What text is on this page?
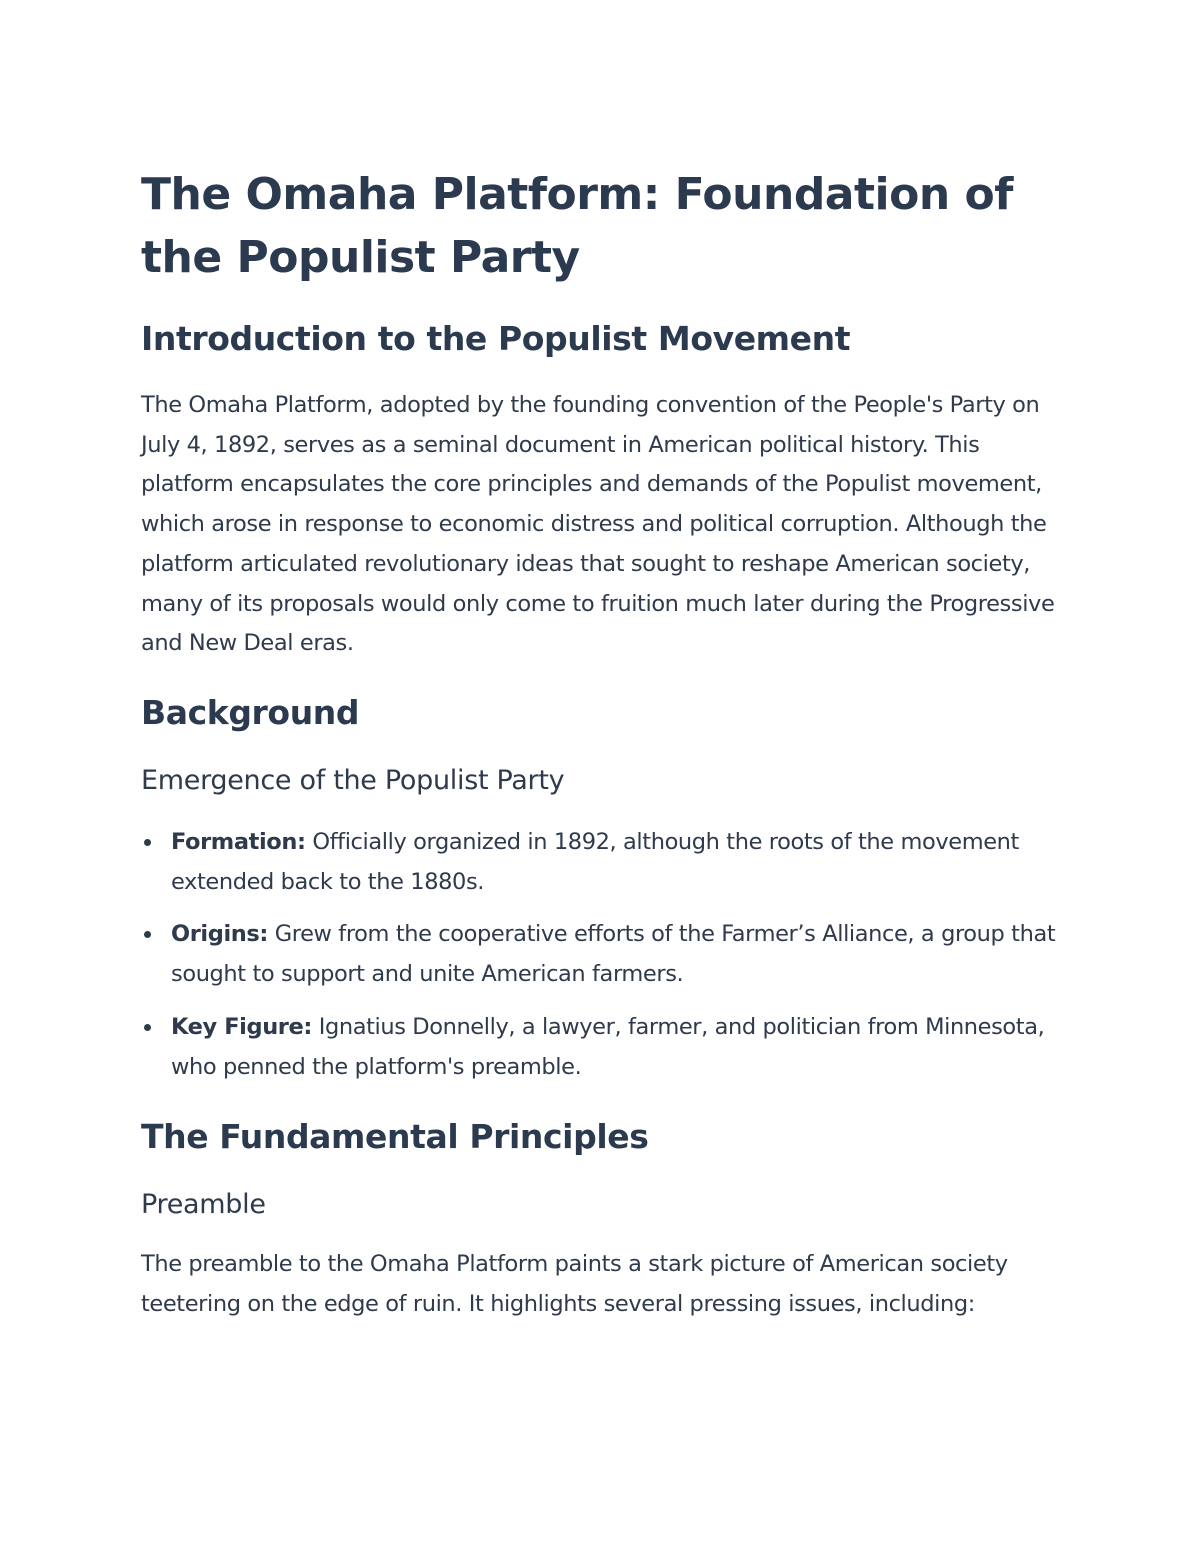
The Omaha Platform: Foundation of the Populist Party
Introduction to the Populist Movement

The Omaha Platform, adopted by the founding convention of the People's Party on July 4, 1892, serves as a seminal document in American political history. This platform encapsulates the core principles and demands of the Populist movement, which arose in response to economic distress and political corruption. Although the platform articulated revolutionary ideas that sought to reshape American society, many of its proposals would only come to fruition much later during the Progressive and New Deal eras.

Background
Emergence of the Populist Party
Formation: Officially organized in 1892, although the roots of the movement extended back to the 1880s.
Origins: Grew from the cooperative efforts of the Farmer’s Alliance, a group that sought to support and unite American farmers.
Key Figure: Ignatius Donnelly, a lawyer, farmer, and politician from Minnesota, who penned the platform's preamble.
The Fundamental Principles
Preamble

The preamble to the Omaha Platform paints a stark picture of American society teetering on the edge of ruin. It highlights several pressing issues, including:
